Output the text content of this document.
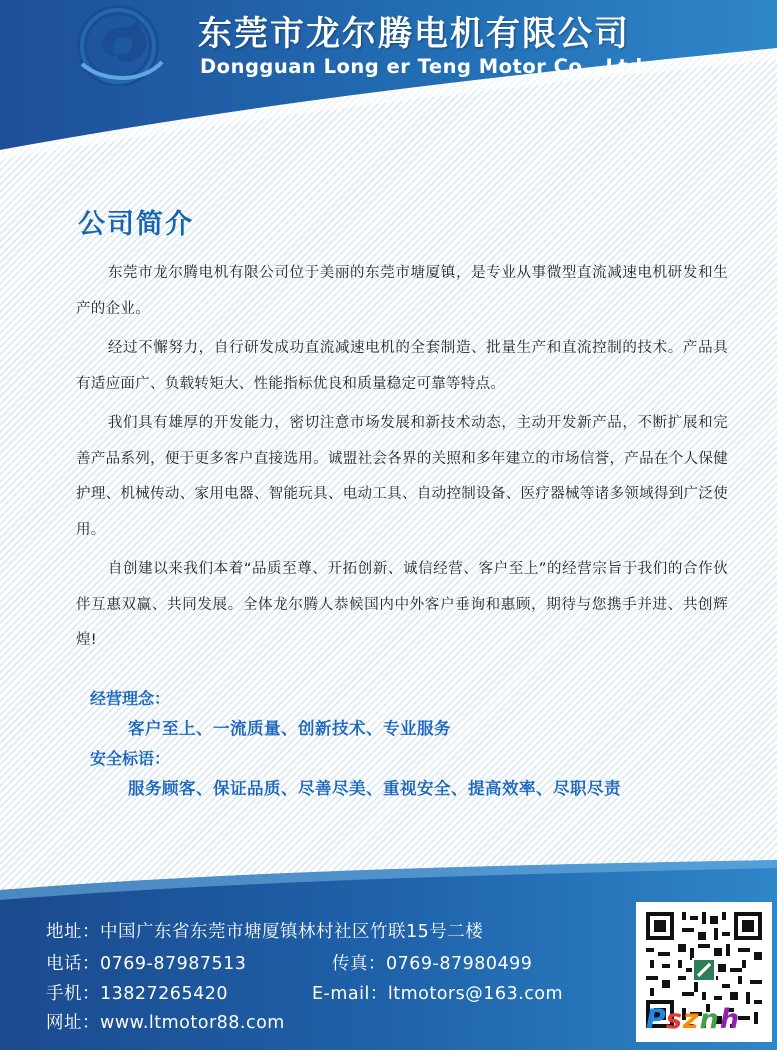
东莞市龙尔腾电机有限公司
Dongguan Long er Teng Motor Co. ,Ltd.
公司简介

东莞市龙尔腾电机有限公司位于美丽的东莞市塘厦镇，是专业从事微型直流减速电机研发和生产的企业。

经过不懈努力，自行研发成功直流减速电机的全套制造、批量生产和直流控制的技术。产品具有适应面广、负载转矩大、性能指标优良和质量稳定可靠等特点。

我们具有雄厚的开发能力，密切注意市场发展和新技术动态，主动开发新产品，不断扩展和完善产品系列，便于更多客户直接选用。诚盟社会各界的关照和多年建立的市场信誉，产品在个人保健护理、机械传动、家用电器、智能玩具、电动工具、自动控制设备、医疗器械等诸多领域得到广泛使用。

自创建以来我们本着“品质至尊、开拓创新、诚信经营、客户至上”的经营宗旨于我们的合作伙伴互惠双赢、共同发展。全体龙尔腾人恭候国内中外客户垂询和惠顾，期待与您携手并进、共创辉煌!

经营理念：
客户至上、一流质量、创新技术、专业服务
安全标语：
服务顾客、保证品质、尽善尽美、重视安全、提高效率、尽职尽责
地址：中国广东省东莞市塘厦镇林村社区竹联15号二楼
电话：0769-87987513	传真：0769-87980499
手机：13827265420	E-mail：ltmotors@163.com
网址：www.ltmotor88.com	Psznh
